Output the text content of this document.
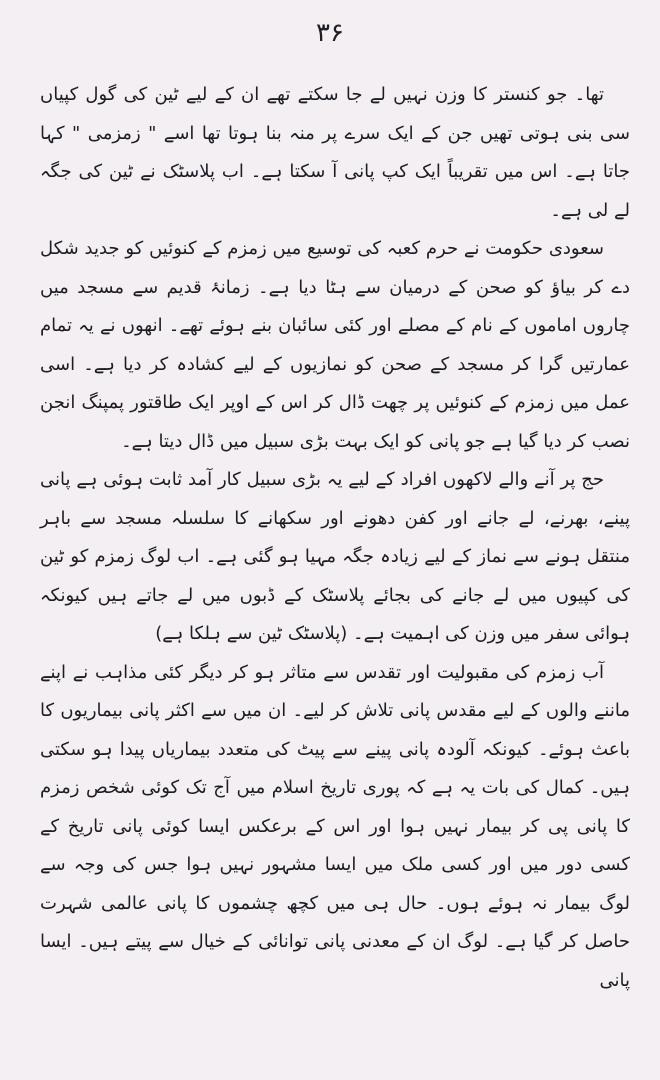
۳۶

تھا۔ جو کنستر کا وزن نہیں لے جا سکتے تھے ان کے لیے ٹین کی گول کپیاں سی بنی ہوتی تھیں جن کے ایک سرے پر منہ بنا ہوتا تھا اسے " زمزمی " کہا جاتا ہے۔ اس میں تقریباً ایک کپ پانی آ سکتا ہے۔ اب پلاسٹک نے ٹین کی جگہ لے لی ہے۔

سعودی حکومت نے حرم کعبہ کی توسیع میں زمزم کے کنوئیں کو جدید شکل دے کر بیاؤ کو صحن کے درمیان سے ہٹا دیا ہے۔ زمانۂ قدیم سے مسجد میں چاروں اماموں کے نام کے مصلے اور کئی سائبان بنے ہوئے تھے۔ انھوں نے یہ تمام عمارتیں گرا کر مسجد کے صحن کو نمازیوں کے لیے کشادہ کر دیا ہے۔ اسی عمل میں زمزم کے کنوئیں پر چھت ڈال کر اس کے اوپر ایک طاقتور پمپنگ انجن نصب کر دیا گیا ہے جو پانی کو ایک بہت بڑی سبیل میں ڈال دیتا ہے۔

حج پر آنے والے لاکھوں افراد کے لیے یہ بڑی سبیل کار آمد ثابت ہوئی ہے پانی پینے، بھرنے، لے جانے اور کفن دھونے اور سکھانے کا سلسلہ مسجد سے باہر منتقل ہونے سے نماز کے لیے زیادہ جگہ مہیا ہو گئی ہے۔ اب لوگ زمزم کو ٹین کی کپیوں میں لے جانے کی بجائے پلاسٹک کے ڈبوں میں لے جاتے ہیں کیونکہ ہوائی سفر میں وزن کی اہمیت ہے۔ (پلاسٹک ٹین سے ہلکا ہے)

آب زمزم کی مقبولیت اور تقدس سے متاثر ہو کر دیگر کئی مذاہب نے اپنے ماننے والوں کے لیے مقدس پانی تلاش کر لیے۔ ان میں سے اکثر پانی بیماریوں کا باعث ہوئے۔ کیونکہ آلودہ پانی پینے سے پیٹ کی متعدد بیماریاں پیدا ہو سکتی ہیں۔ کمال کی بات یہ ہے کہ پوری تاریخ اسلام میں آج تک کوئی شخص زمزم کا پانی پی کر بیمار نہیں ہوا اور اس کے برعکس ایسا کوئی پانی تاریخ کے کسی دور میں اور کسی ملک میں ایسا مشہور نہیں ہوا جس کی وجہ سے لوگ بیمار نہ ہوئے ہوں۔ حال ہی میں کچھ چشموں کا پانی عالمی شہرت حاصل کر گیا ہے۔ لوگ ان کے معدنی پانی توانائی کے خیال سے پیتے ہیں۔ ایسا پانی
